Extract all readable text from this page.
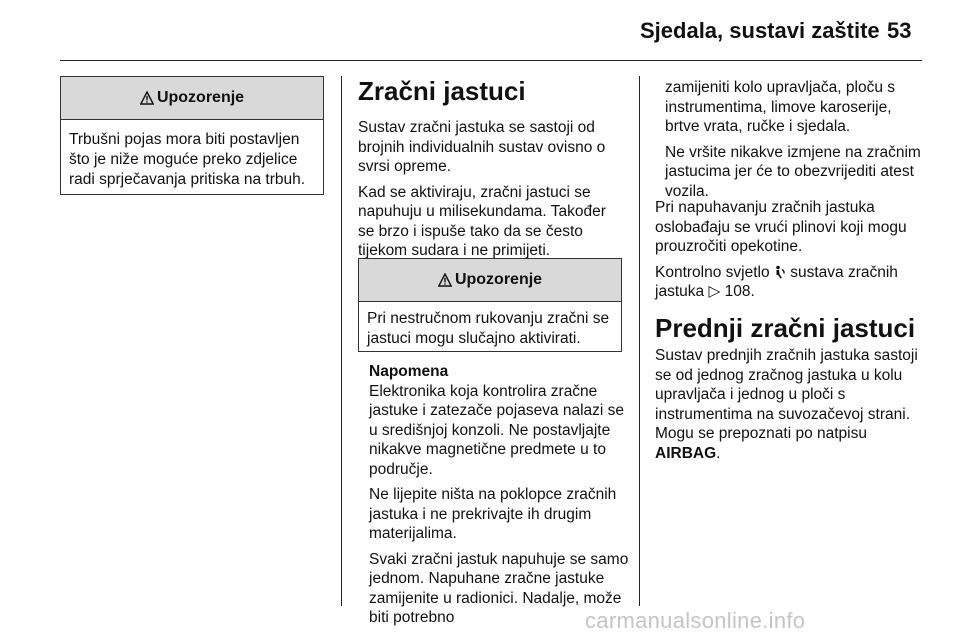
Sjedala, sustavi zaštite 53
Upozorenje
Trbušni pojas mora biti postavljen što je niže moguće preko zdjelice radi sprječavanja pritiska na trbuh.
Zračni jastuci

Sustav zračni jastuka se sastoji od brojnih individualnih sustav ovisno o svrsi opreme.

Kad se aktiviraju, zračni jastuci se napuhuju u milisekundama. Također se brzo i ispuše tako da se često tijekom sudara i ne primijeti.

Upozorenje
Pri nestručnom rukovanju zračni se jastuci mogu slučajno aktivirati.
Napomena

Elektronika koja kontrolira zračne jastuke i zatezače pojaseva nalazi se u središnjoj konzoli. Ne postavljajte nikakve magnetične predmete u to područje.

Ne lijepite ništa na poklopce zračnih jastuka i ne prekrivajte ih drugim materijalima.

Svaki zračni jastuk napuhuje se samo jednom. Napuhane zračne jastuke zamijenite u radionici. Nadalje, može biti potrebno

zamijeniti kolo upravljača, ploču s instrumentima, limove karoserije, brtve vrata, ručke i sjedala.

Ne vršite nikakve izmjene na zračnim jastucima jer će to obezvrijediti atest vozila.

Pri napuhavanju zračnih jastuka oslobađaju se vrući plinovi koji mogu prouzročiti opekotine.

Kontrolno svjetlo sustava zračnih jastuka ▷ 108.

Prednji zračni jastuci

Sustav prednjih zračnih jastuka sastoji se od jednog zračnog jastuka u kolu upravljača i jednog u ploči s instrumentima na suvozačevoj strani. Mogu se prepoznati po natpisu AIRBAG.

carmanualsonline.info
